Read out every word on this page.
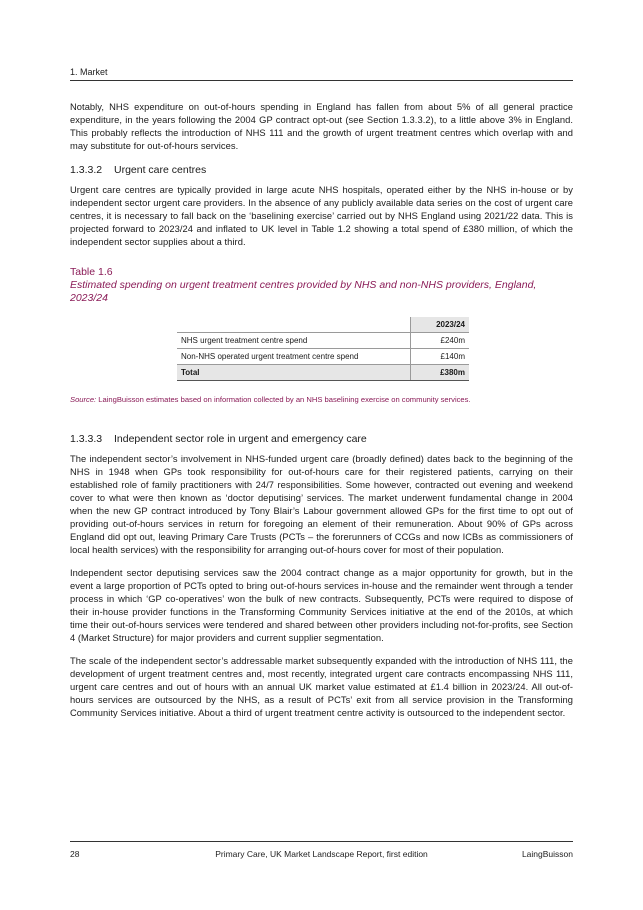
1. Market

Notably, NHS expenditure on out-of-hours spending in England has fallen from about 5% of all general practice expenditure, in the years following the 2004 GP contract opt-out (see Section 1.3.3.2), to a little above 3% in England. This probably reflects the introduction of NHS 111 and the growth of urgent treatment centres which overlap with and may substitute for out-of-hours services.

1.3.3.2 Urgent care centres

Urgent care centres are typically provided in large acute NHS hospitals, operated either by the NHS in-house or by independent sector urgent care providers. In the absence of any publicly available data series on the cost of urgent care centres, it is necessary to fall back on the ‘baselining exercise’ carried out by NHS England using 2021/22 data. This is projected forward to 2023/24 and inflated to UK level in Table 1.2 showing a total spend of £380 million, of which the independent sector supplies about a third.

Table 1.6
Estimated spending on urgent treatment centres provided by NHS and non-NHS providers, England, 2023/24
	2023/24
NHS urgent treatment centre spend	£240m
Non-NHS operated urgent treatment centre spend	£140m
Total	£380m
Source: LaingBuisson estimates based on information collected by an NHS baselining exercise on community services.
1.3.3.3 Independent sector role in urgent and emergency care

The independent sector’s involvement in NHS-funded urgent care (broadly defined) dates back to the beginning of the NHS in 1948 when GPs took responsibility for out-of-hours care for their registered patients, carrying on their established role of family practitioners with 24/7 responsibilities. Some however, contracted out evening and weekend cover to what were then known as ‘doctor deputising’ services. The market underwent fundamental change in 2004 when the new GP contract introduced by Tony Blair’s Labour government allowed GPs for the first time to opt out of providing out-of-hours services in return for foregoing an element of their remuneration. About 90% of GPs across England did opt out, leaving Primary Care Trusts (PCTs – the forerunners of CCGs and now ICBs as commissioners of local health services) with the responsibility for arranging out-of-hours cover for most of their population.

Independent sector deputising services saw the 2004 contract change as a major opportunity for growth, but in the event a large proportion of PCTs opted to bring out-of-hours services in-house and the remainder went through a tender process in which ‘GP co-operatives’ won the bulk of new contracts. Subsequently, PCTs were required to dispose of their in-house provider functions in the Transforming Community Services initiative at the end of the 2010s, at which time their out-of-hours services were tendered and shared between other providers including not-for-profits, see Section 4 (Market Structure) for major providers and current supplier segmentation.

The scale of the independent sector’s addressable market subsequently expanded with the introduction of NHS 111, the development of urgent treatment centres and, most recently, integrated urgent care contracts encompassing NHS 111, urgent care centres and out of hours with an annual UK market value estimated at £1.4 billion in 2023/24. All out-of-hours services are outsourced by the NHS, as a result of PCTs’ exit from all service provision in the Transforming Community Services initiative. About a third of urgent treatment centre activity is outsourced to the independent sector.

28	Primary Care, UK Market Landscape Report, first edition	LaingBuisson
